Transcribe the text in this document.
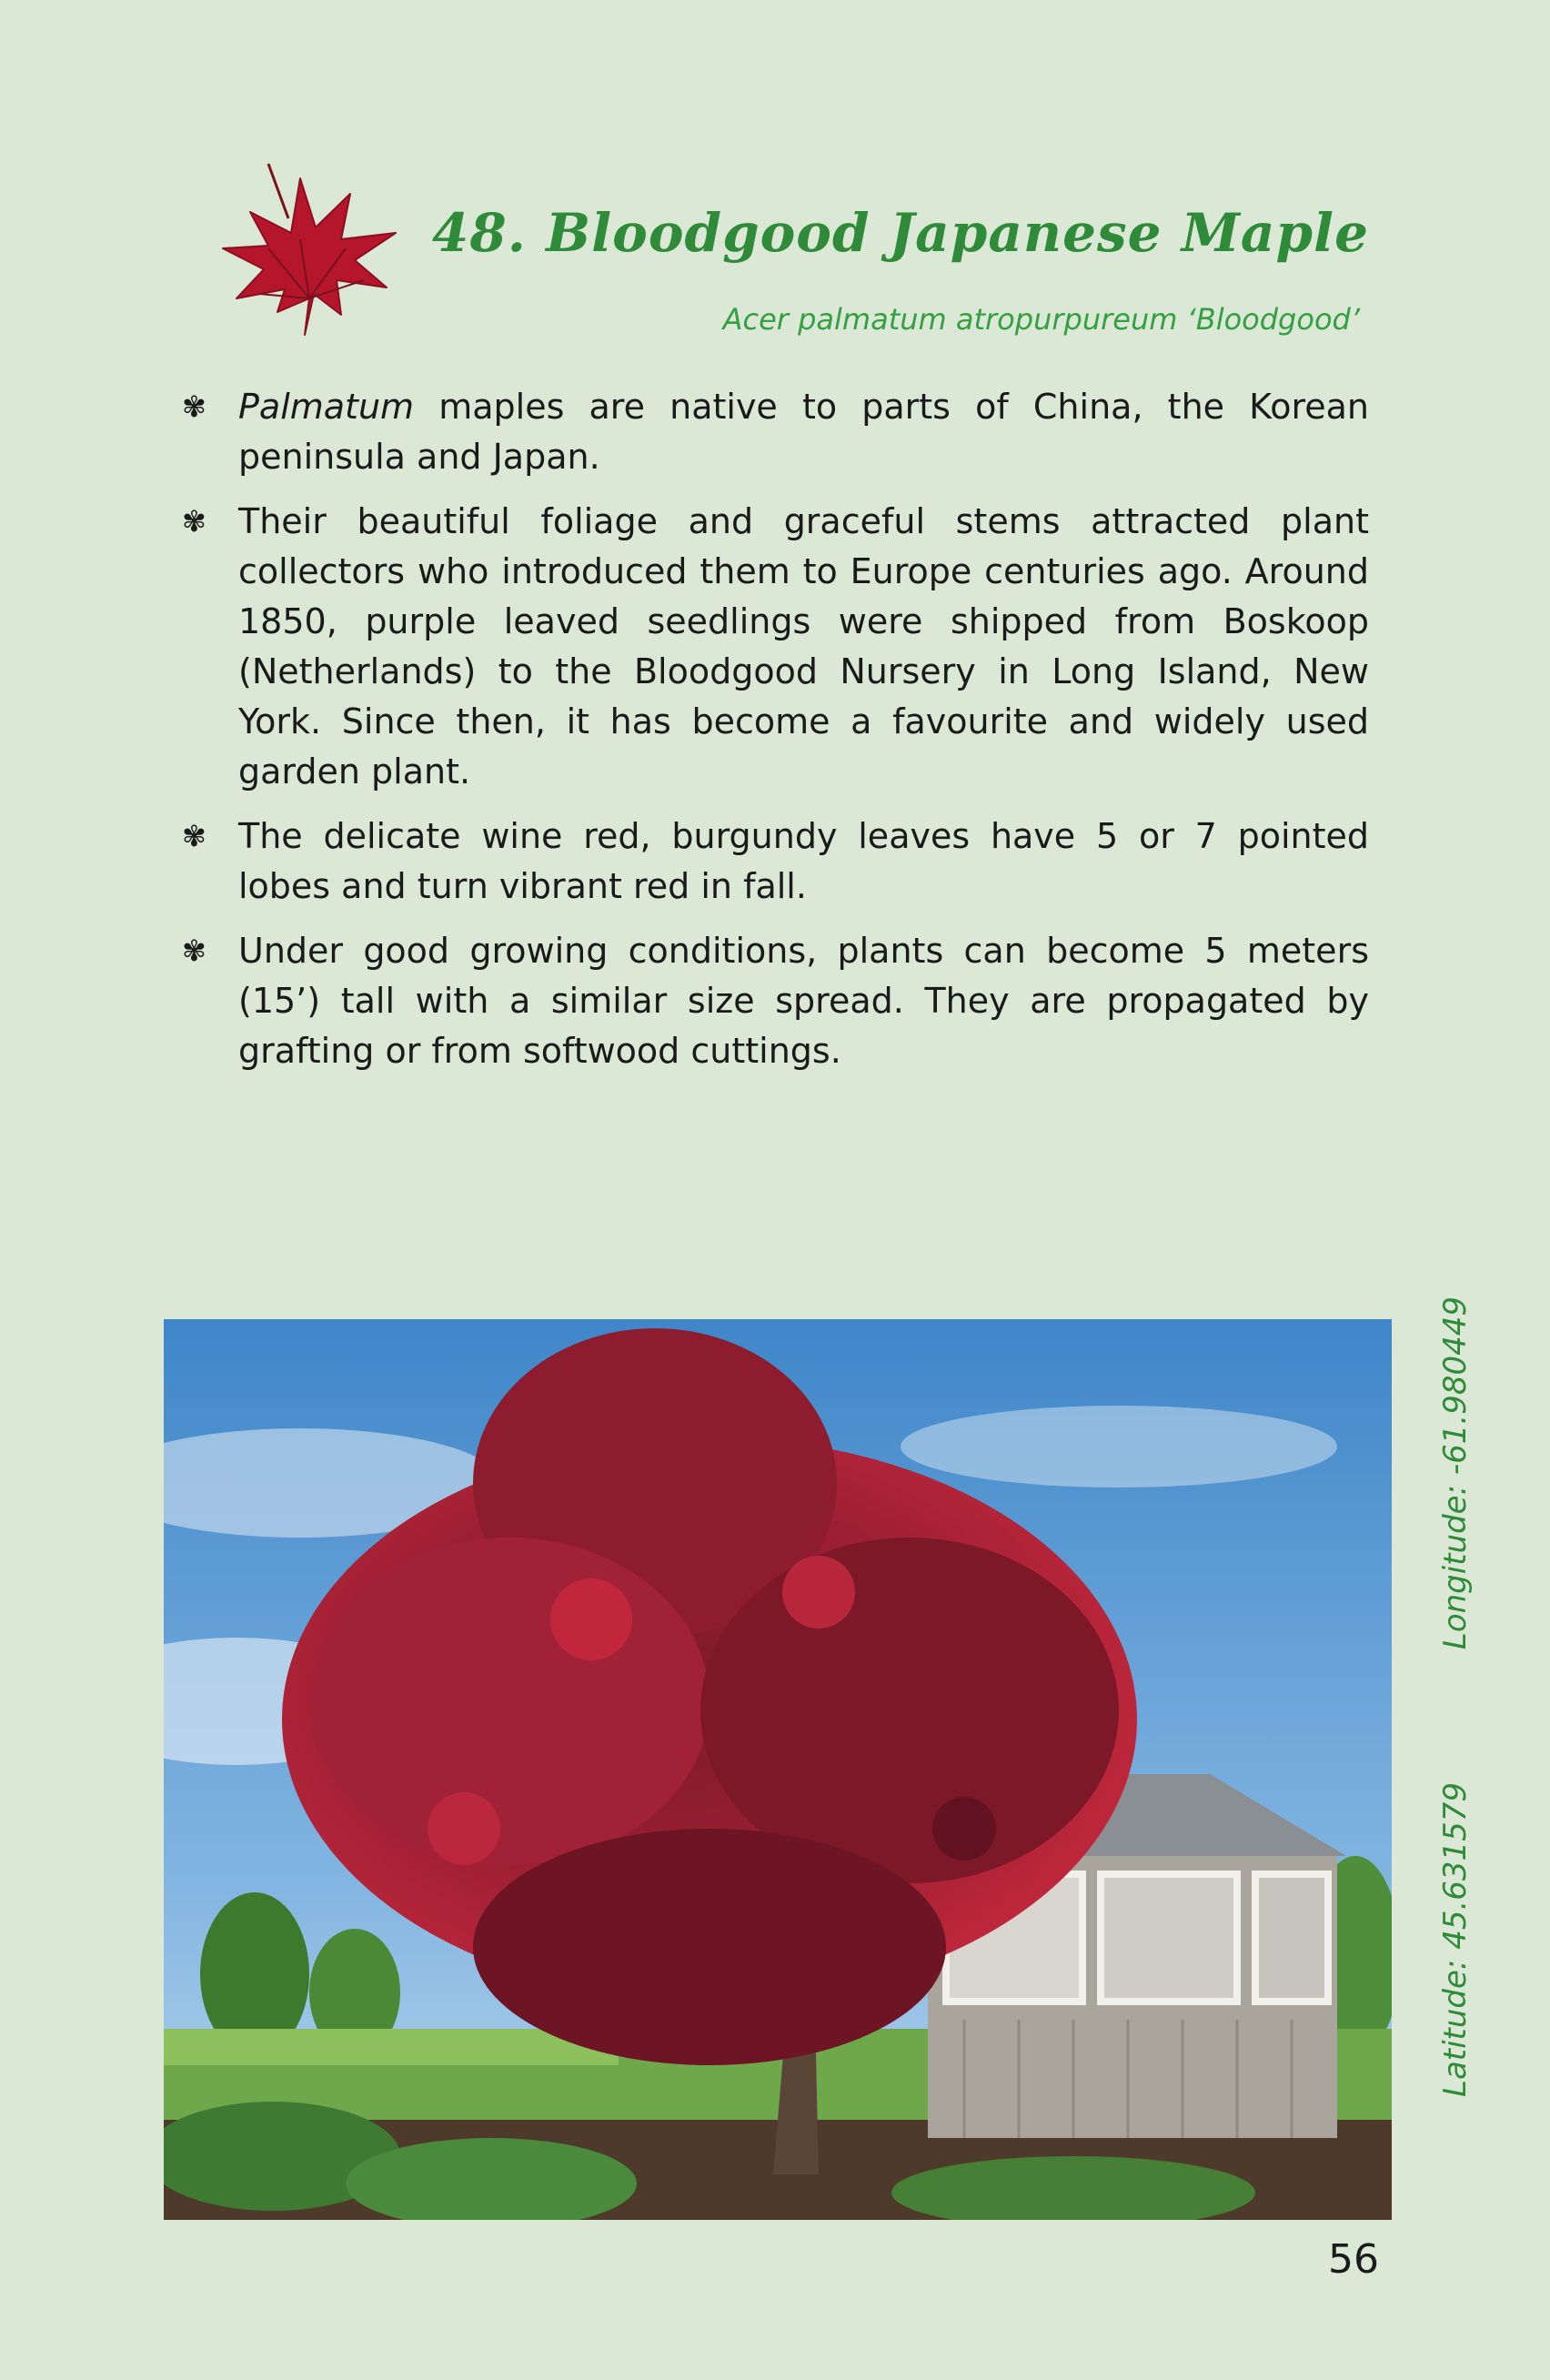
48. Bloodgood Japanese Maple
Acer palmatum atropurpureum ‘Bloodgood’
✾ Palmatum maples are native to parts of China, the Korean peninsula and Japan.
✾ Their beautiful foliage and graceful stems attracted plant collectors who introduced them to Europe centuries ago. Around 1850, purple leaved seedlings were shipped from Boskoop (Netherlands) to the Bloodgood Nursery in Long Island, New York. Since then, it has become a favourite and widely used garden plant.
✾ The delicate wine red, burgundy leaves have 5 or 7 pointed lobes and turn vibrant red in fall.
✾ Under good growing conditions, plants can become 5 meters (15’) tall with a similar size spread. They are propagated by grafting or from softwood cuttings.
Latitude: 45.631579
Longitude: -61.980449
56
